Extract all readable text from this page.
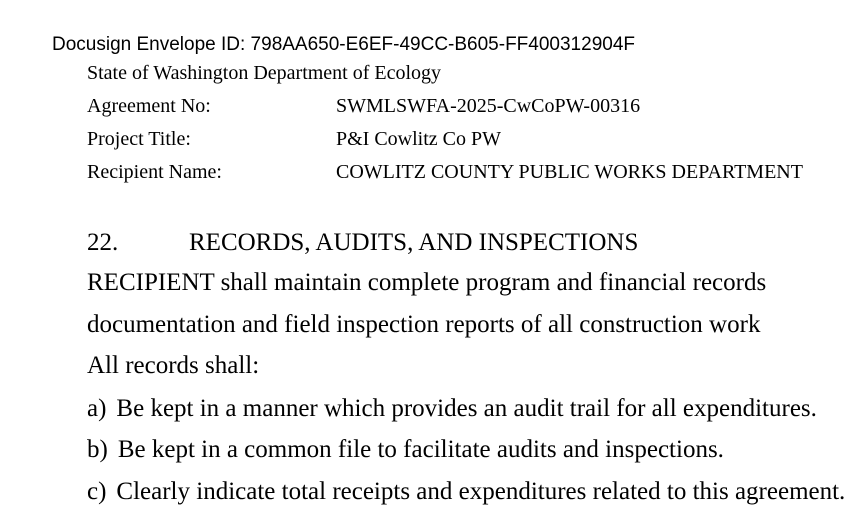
Docusign Envelope ID: 798AA650-E6EF-49CC-B605-FF400312904F
State of Washington Department of Ecology
Agreement No:	SWMLSWFA-2025-CwCoPW-00316
Project Title:	P&I Cowlitz Co PW
Recipient Name:	COWLITZ COUNTY PUBLIC WORKS DEPARTMENT
22.	RECORDS, AUDITS, AND INSPECTIONS
RECIPIENT shall maintain complete program and financial records
documentation and field inspection reports of all construction work
All records shall:
a) Be kept in a manner which provides an audit trail for all expenditures.
b) Be kept in a common file to facilitate audits and inspections.
c) Clearly indicate total receipts and expenditures related to this agreement.
